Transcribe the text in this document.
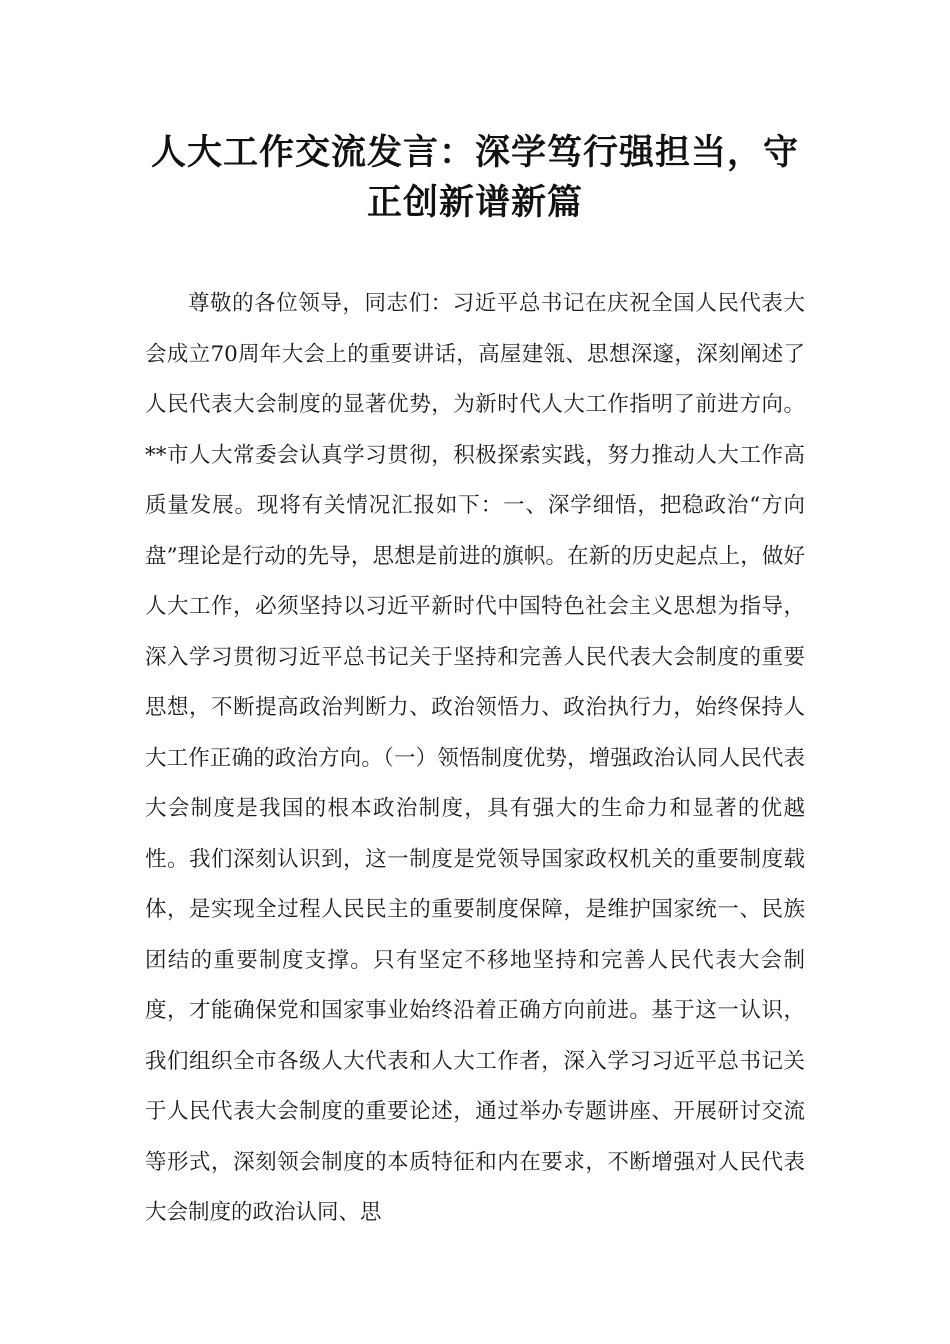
人大工作交流发言：深学笃行强担当，守正创新谱新篇

尊敬的各位领导，同志们：习近平总书记在庆祝全国人民代表大会成立70周年大会上的重要讲话，高屋建瓴、思想深邃，深刻阐述了人民代表大会制度的显著优势，为新时代人大工作指明了前进方向。**市人大常委会认真学习贯彻，积极探索实践，努力推动人大工作高质量发展。现将有关情况汇报如下：一、深学细悟，把稳政治“方向盘”理论是行动的先导，思想是前进的旗帜。在新的历史起点上，做好人大工作，必须坚持以习近平新时代中国特色社会主义思想为指导，深入学习贯彻习近平总书记关于坚持和完善人民代表大会制度的重要思想，不断提高政治判断力、政治领悟力、政治执行力，始终保持人大工作正确的政治方向。（一）领悟制度优势，增强政治认同人民代表大会制度是我国的根本政治制度，具有强大的生命力和显著的优越性。我们深刻认识到，这一制度是党领导国家政权机关的重要制度载体，是实现全过程人民民主的重要制度保障，是维护国家统一、民族团结的重要制度支撑。只有坚定不移地坚持和完善人民代表大会制度，才能确保党和国家事业始终沿着正确方向前进。基于这一认识，我们组织全市各级人大代表和人大工作者，深入学习习近平总书记关于人民代表大会制度的重要论述，通过举办专题讲座、开展研讨交流等形式，深刻领会制度的本质特征和内在要求，不断增强对人民代表大会制度的政治认同、思
